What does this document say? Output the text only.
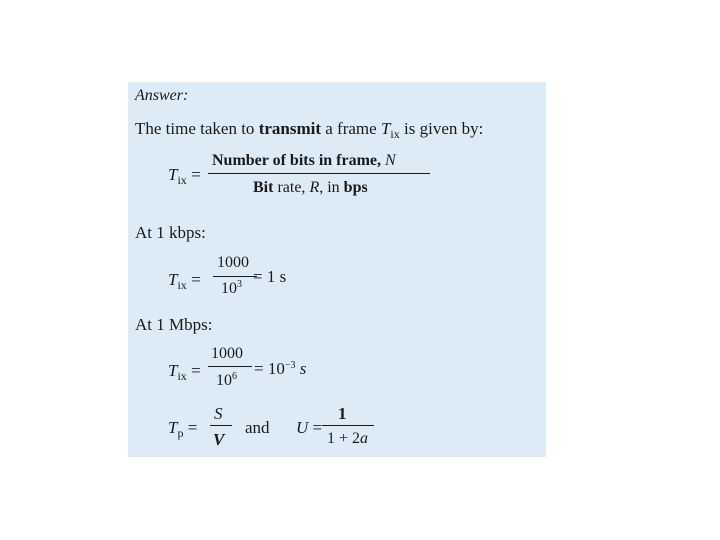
Answer:
The time taken to transmit a frame $T_{ix}$ is given by:
$T_{ix}$ =
Number of bits in frame, N
Bit rate, R, in bps
At 1 kbps:
$T_{ix}$ =
1000
$10^3 = 1$ s
At 1 Mbps:
$T_{ix}$ =
1000
$10^6 = 10^{-3}$ s
$T_p$ =
S
V
and U =
1
1 + 2a
